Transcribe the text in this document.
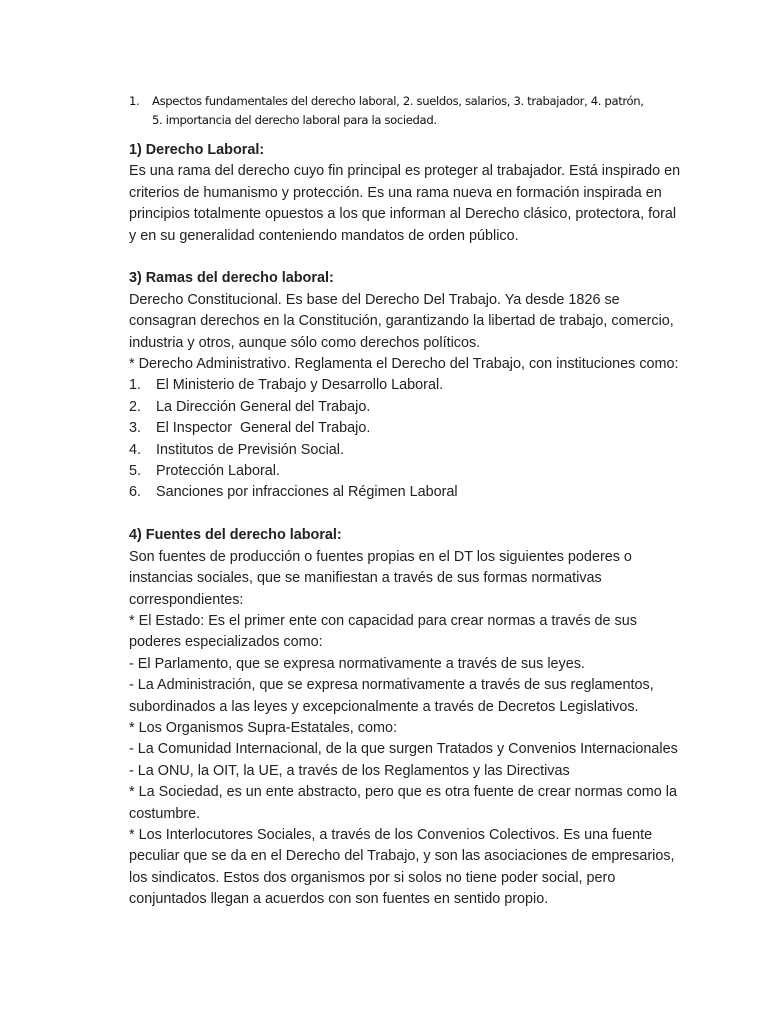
1.	Aspectos fundamentales del derecho laboral, 2. sueldos, salarios, 3. trabajador, 4. patrón,
5. importancia del derecho laboral para la sociedad.
1) Derecho Laboral:
Es una rama del derecho cuyo fin principal es proteger al trabajador. Está inspirado en
criterios de humanismo y protección. Es una rama nueva en formación inspirada en
principios totalmente opuestos a los que informan al Derecho clásico, protectora, foral
y en su generalidad conteniendo mandatos de orden público.
3) Ramas del derecho laboral:
Derecho Constitucional. Es base del Derecho Del Trabajo. Ya desde 1826 se
consagran derechos en la Constitución, garantizando la libertad de trabajo, comercio,
industria y otros, aunque sólo como derechos políticos.
* Derecho Administrativo. Reglamenta el Derecho del Trabajo, con instituciones como:
1.	El Ministerio de Trabajo y Desarrollo Laboral.
2.	La Dirección General del Trabajo.
3.	El Inspector  General del Trabajo.
4.	Institutos de Previsión Social.
5.	Protección Laboral.
6.	Sanciones por infracciones al Régimen Laboral
4) Fuentes del derecho laboral:
Son fuentes de producción o fuentes propias en el DT los siguientes poderes o
instancias sociales, que se manifiestan a través de sus formas normativas
correspondientes:
* El Estado: Es el primer ente con capacidad para crear normas a través de sus
poderes especializados como:
- El Parlamento, que se expresa normativamente a través de sus leyes.
- La Administración, que se expresa normativamente a través de sus reglamentos,
subordinados a las leyes y excepcionalmente a través de Decretos Legislativos.
* Los Organismos Supra-Estatales, como:
- La Comunidad Internacional, de la que surgen Tratados y Convenios Internacionales
- La ONU, la OIT, la UE, a través de los Reglamentos y las Directivas
* La Sociedad, es un ente abstracto, pero que es otra fuente de crear normas como la
costumbre.
* Los Interlocutores Sociales, a través de los Convenios Colectivos. Es una fuente
peculiar que se da en el Derecho del Trabajo, y son las asociaciones de empresarios,
los sindicatos. Estos dos organismos por si solos no tiene poder social, pero
conjuntados llegan a acuerdos con son fuentes en sentido propio.
